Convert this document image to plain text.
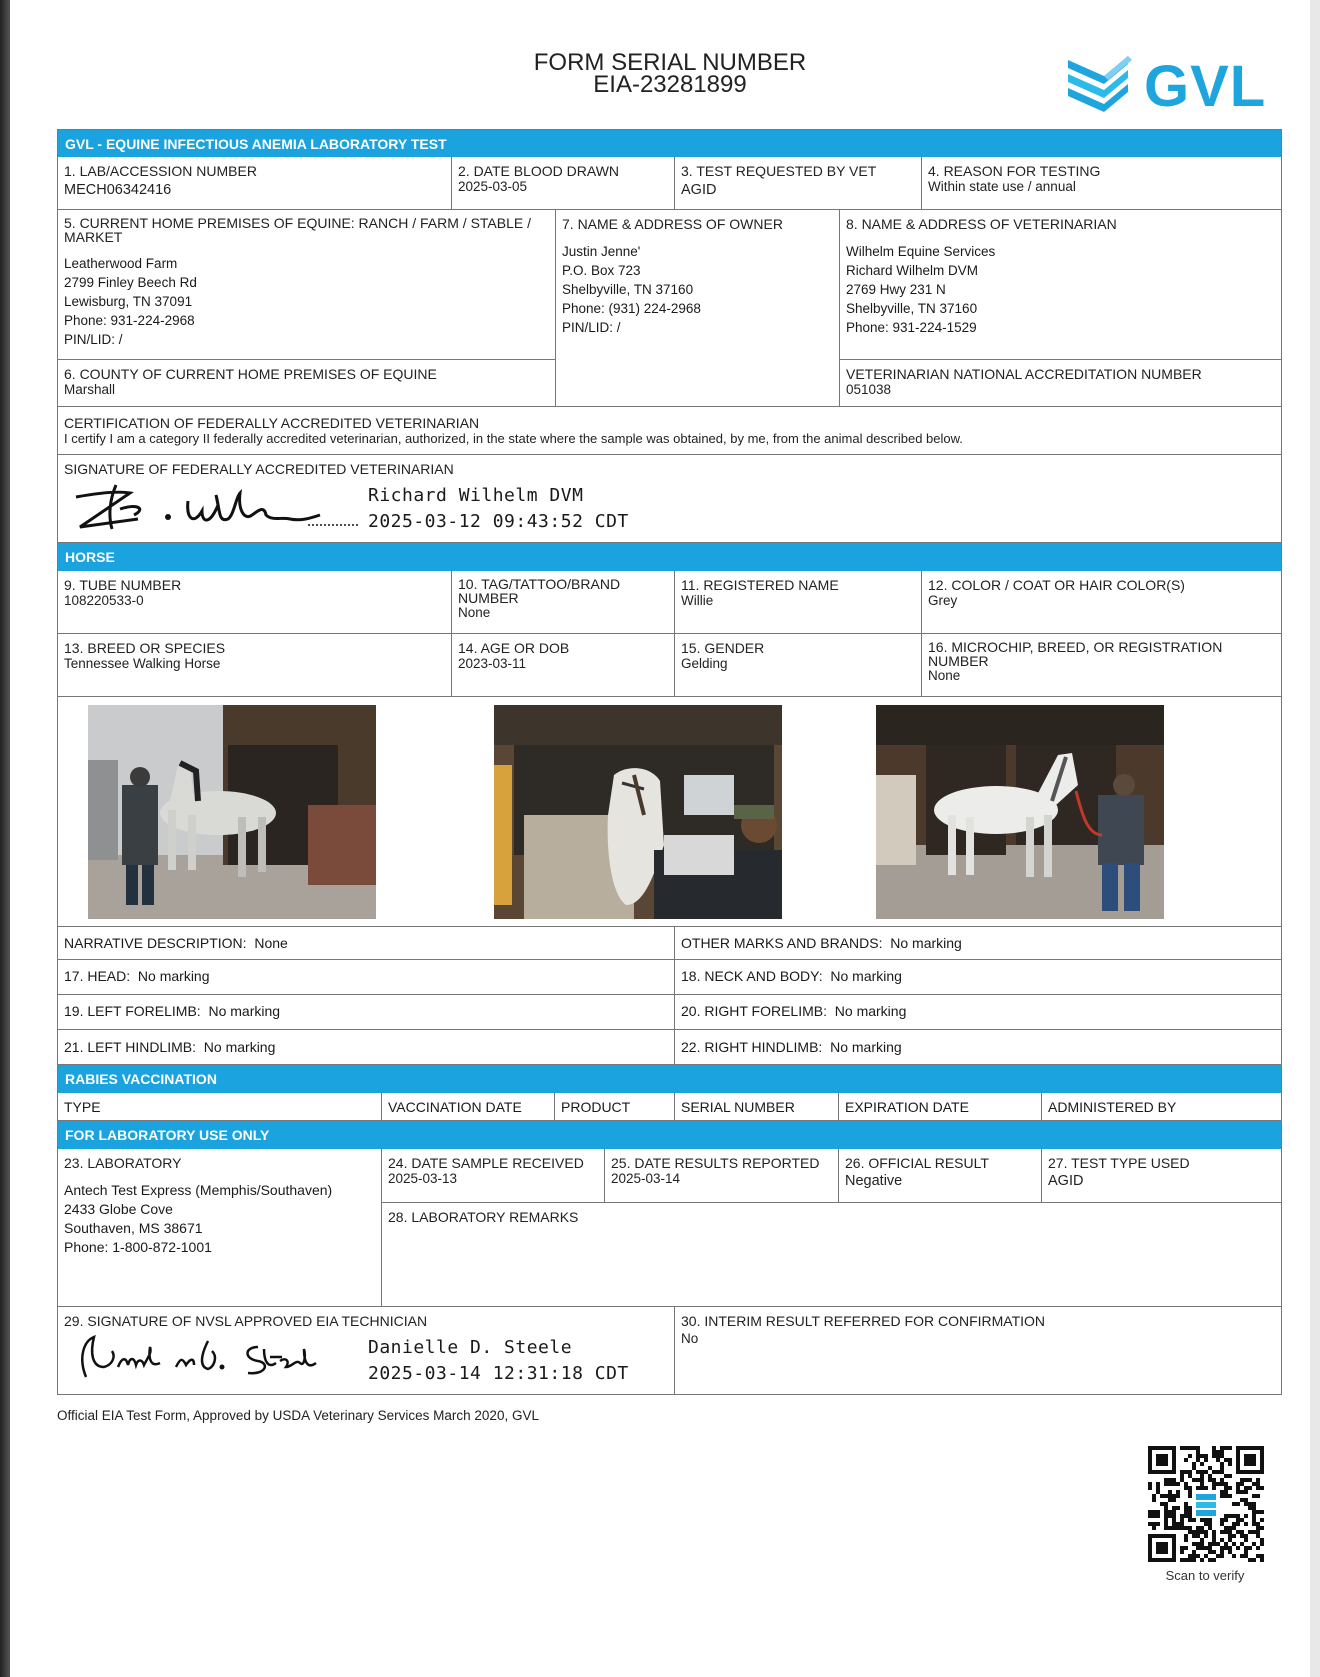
FORM SERIAL NUMBER
EIA-23281899	GVL
GVL - EQUINE INFECTIOUS ANEMIA LABORATORY TEST
1. LAB/ACCESSION NUMBER
MECH06342416
2. DATE BLOOD DRAWN
2025-03-05
3. TEST REQUESTED BY VET
AGID
4. REASON FOR TESTING
Within state use / annual
5. CURRENT HOME PREMISES OF EQUINE: RANCH / FARM / STABLE / MARKET
Leatherwood Farm
2799 Finley Beech Rd
Lewisburg, TN 37091
Phone: 931-224-2968
PIN/LID: /
6. COUNTY OF CURRENT HOME PREMISES OF EQUINE
Marshall
7. NAME & ADDRESS OF OWNER
Justin Jenne'
P.O. Box 723
Shelbyville, TN 37160
Phone: (931) 224-2968
PIN/LID: /
8. NAME & ADDRESS OF VETERINARIAN
Wilhelm Equine Services
Richard Wilhelm DVM
2769 Hwy 231 N
Shelbyville, TN 37160
Phone: 931-224-1529
VETERINARIAN NATIONAL ACCREDITATION NUMBER
051038
CERTIFICATION OF FEDERALLY ACCREDITED VETERINARIAN
I certify I am a category II federally accredited veterinarian, authorized, in the state where the sample was obtained, by me, from the animal described below.
SIGNATURE OF FEDERALLY ACCREDITED VETERINARIAN
Richard Wilhelm DVM
2025-03-12 09:43:52 CDT
HORSE
9. TUBE NUMBER
108220533-0
10. TAG/TATTOO/BRAND NUMBER
None
11. REGISTERED NAME
Willie
12. COLOR / COAT OR HAIR COLOR(S)
Grey
13. BREED OR SPECIES
Tennessee Walking Horse
14. AGE OR DOB
2023-03-11
15. GENDER
Gelding
16. MICROCHIP, BREED, OR REGISTRATION NUMBER
None
NARRATIVE DESCRIPTION: None	OTHER MARKS AND BRANDS: No marking
17. HEAD: No marking	18. NECK AND BODY: No marking
19. LEFT FORELIMB: No marking	20. RIGHT FORELIMB: No marking
21. LEFT HINDLIMB: No marking	22. RIGHT HINDLIMB: No marking
RABIES VACCINATION
TYPE	VACCINATION DATE	PRODUCT	SERIAL NUMBER	EXPIRATION DATE	ADMINISTERED BY
FOR LABORATORY USE ONLY
23. LABORATORY
Antech Test Express (Memphis/Southaven)
2433 Globe Cove
Southaven, MS 38671
Phone: 1-800-872-1001
24. DATE SAMPLE RECEIVED
2025-03-13
25. DATE RESULTS REPORTED
2025-03-14
26. OFFICIAL RESULT
Negative
27. TEST TYPE USED
AGID
28. LABORATORY REMARKS
29. SIGNATURE OF NVSL APPROVED EIA TECHNICIAN
Danielle D. Steele
2025-03-14 12:31:18 CDT
30. INTERIM RESULT REFERRED FOR CONFIRMATION
No
Official EIA Test Form, Approved by USDA Veterinary Services March 2020, GVL
Scan to verify
